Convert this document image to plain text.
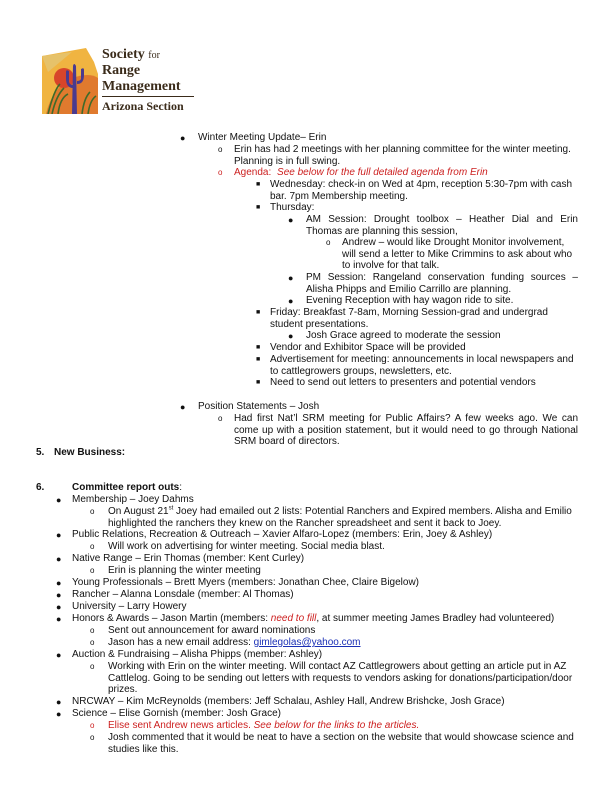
Society for
Range
Management
Arizona Section
● Winter Meeting Update– Erin
o Erin has had 2 meetings with her planning committee for the winter meeting. Planning is in full swing.
o Agenda: See below for the full detailed agenda from Erin
■ Wednesday: check-in on Wed at 4pm, reception 5:30-7pm with cash bar. 7pm Membership meeting.
■ Thursday:
● AM Session: Drought toolbox – Heather Dial and Erin Thomas are planning this session,
o Andrew – would like Drought Monitor involvement, will send a letter to Mike Crimmins to ask about who to involve for that talk.
● PM Session: Rangeland conservation funding sources – Alisha Phipps and Emilio Carrillo are planning.
● Evening Reception with hay wagon ride to site.
■ Friday: Breakfast 7-8am, Morning Session-grad and undergrad student presentations.
● Josh Grace agreed to moderate the session
■ Vendor and Exhibitor Space will be provided
■ Advertisement for meeting: announcements in local newspapers and to cattlegrowers groups, newsletters, etc.
■ Need to send out letters to presenters and potential vendors
● Position Statements – Josh
o Had first Nat’l SRM meeting for Public Affairs? A few weeks ago. We can come up with a position statement, but it would need to go through National SRM board of directors.
5. New Business:
6.	Committee report outs:
● Membership – Joey Dahms
o On August 21st Joey had emailed out 2 lists: Potential Ranchers and Expired members. Alisha and Emilio highlighted the ranchers they knew on the Rancher spreadsheet and sent it back to Joey.
● Public Relations, Recreation & Outreach – Xavier Alfaro-Lopez (members: Erin, Joey & Ashley)
o Will work on advertising for winter meeting. Social media blast.
● Native Range – Erin Thomas (member: Kent Curley)
o Erin is planning the winter meeting
● Young Professionals – Brett Myers (members: Jonathan Chee, Claire Bigelow)
● Rancher – Alanna Lonsdale (member: Al Thomas)
● University – Larry Howery
● Honors & Awards – Jason Martin (members: need to fill, at summer meeting James Bradley had volunteered)
o Sent out announcement for award nominations
o Jason has a new email address: gimlegolas@yahoo.com
● Auction & Fundraising – Alisha Phipps (member: Ashley)
o Working with Erin on the winter meeting. Will contact AZ Cattlegrowers about getting an article put in AZ Cattlelog. Going to be sending out letters with requests to vendors asking for donations/participation/door prizes.
● NRCWAY – Kim McReynolds (members: Jeff Schalau, Ashley Hall, Andrew Brishcke, Josh Grace)
● Science – Elise Gornish (member: Josh Grace)
o Elise sent Andrew news articles. See below for the links to the articles.
o Josh commented that it would be neat to have a section on the website that would showcase science and studies like this.
